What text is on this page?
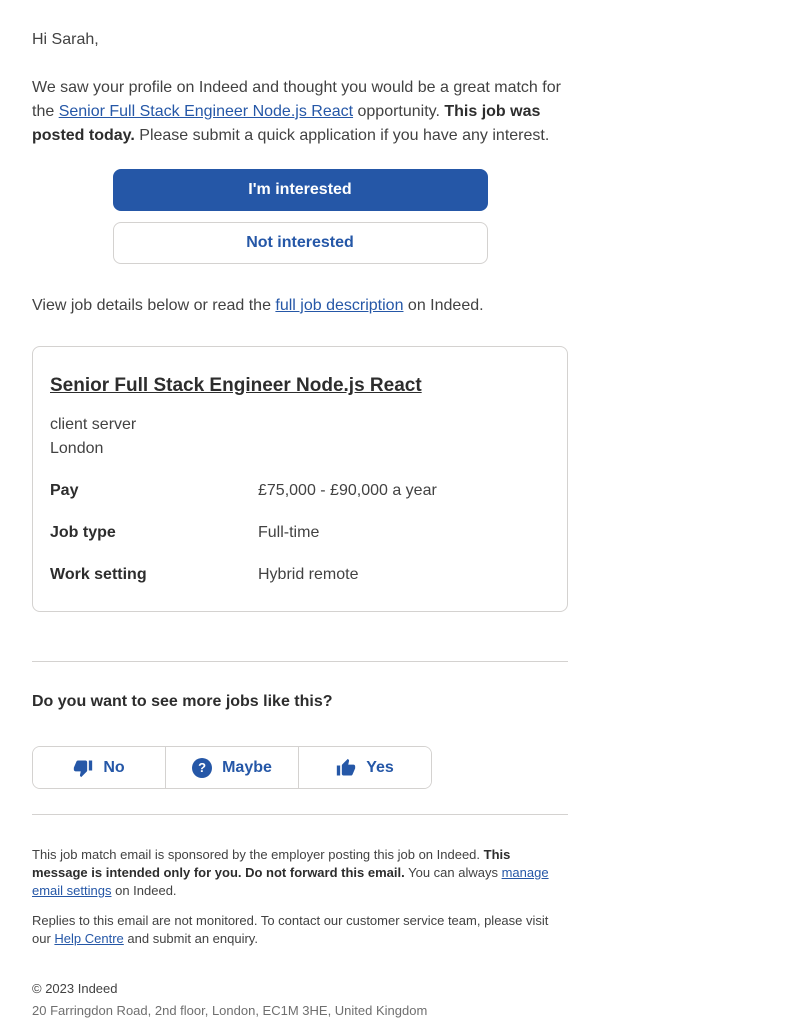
Hi Sarah,

We saw your profile on Indeed and thought you would be a great match for the Senior Full Stack Engineer Node.js React opportunity. This job was posted today. Please submit a quick application if you have any interest.

I'm interested
Not interested

View job details below or read the full job description on Indeed.

Senior Full Stack Engineer Node.js React
client server
London
Pay	£75,000 - £90,000 a year
Job type	Full-time
Work setting	Hybrid remote

Do you want to see more jobs like this?

No	?	Maybe	Yes

This job match email is sponsored by the employer posting this job on Indeed. This message is intended only for you. Do not forward this email. You can always manage email settings on Indeed.

Replies to this email are not monitored. To contact our customer service team, please visit our Help Centre and submit an enquiry.

© 2023 Indeed

20 Farringdon Road, 2nd floor, London, EC1M 3HE, United Kingdom
